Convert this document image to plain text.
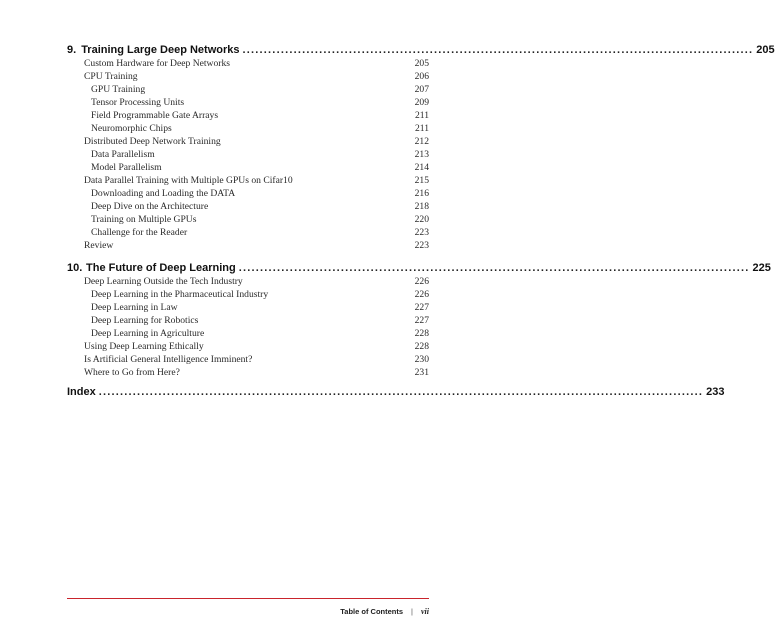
9. Training Large Deep Networks ........................................................................................................................ 205
Custom Hardware for Deep Networks	205
CPU Training	206
GPU Training	207
Tensor Processing Units	209
Field Programmable Gate Arrays	211
Neuromorphic Chips	211
Distributed Deep Network Training	212
Data Parallelism	213
Model Parallelism	214
Data Parallel Training with Multiple GPUs on Cifar10	215
Downloading and Loading the DATA	216
Deep Dive on the Architecture	218
Training on Multiple GPUs	220
Challenge for the Reader	223
Review	223
10. The Future of Deep Learning ........................................................................................................................ 225
Deep Learning Outside the Tech Industry	226
Deep Learning in the Pharmaceutical Industry	226
Deep Learning in Law	227
Deep Learning for Robotics	227
Deep Learning in Agriculture	228
Using Deep Learning Ethically	228
Is Artificial General Intelligence Imminent?	230
Where to Go from Here?	231
Index .............................................................................................................................................. 233
Table of Contents | vii
